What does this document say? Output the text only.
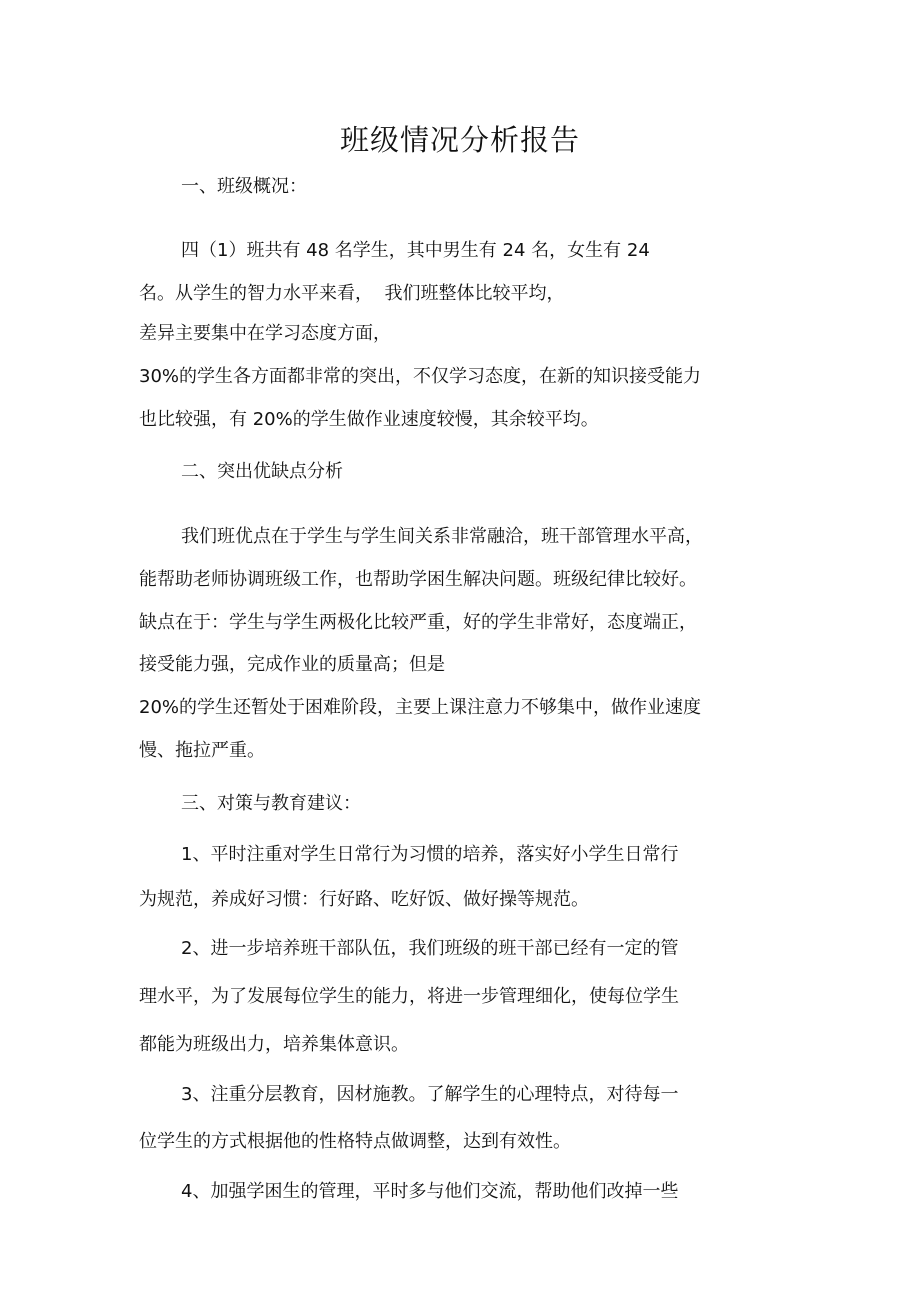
班级情况分析报告

一、班级概况：

四（1）班共有 48 名学生，其中男生有 24 名，女生有 24

名。从学生的智力水平来看，  我们班整体比较平均，

差异主要集中在学习态度方面，

30%的学生各方面都非常的突出，不仅学习态度，在新的知识接受能力

也比较强，有 20%的学生做作业速度较慢，其余较平均。

二、突出优缺点分析

我们班优点在于学生与学生间关系非常融洽，班干部管理水平高，

能帮助老师协调班级工作，也帮助学困生解决问题。班级纪律比较好。

缺点在于：学生与学生两极化比较严重，好的学生非常好，态度端正，

接受能力强，完成作业的质量高；但是

20%的学生还暂处于困难阶段，主要上课注意力不够集中，做作业速度

慢、拖拉严重。

三、对策与教育建议：

1、平时注重对学生日常行为习惯的培养，落实好小学生日常行

为规范，养成好习惯：行好路、吃好饭、做好操等规范。

2、进一步培养班干部队伍，我们班级的班干部已经有一定的管

理水平，为了发展每位学生的能力，将进一步管理细化，使每位学生

都能为班级出力，培养集体意识。

3、注重分层教育，因材施教。了解学生的心理特点，对待每一

位学生的方式根据他的性格特点做调整，达到有效性。

4、加强学困生的管理，平时多与他们交流，帮助他们改掉一些
